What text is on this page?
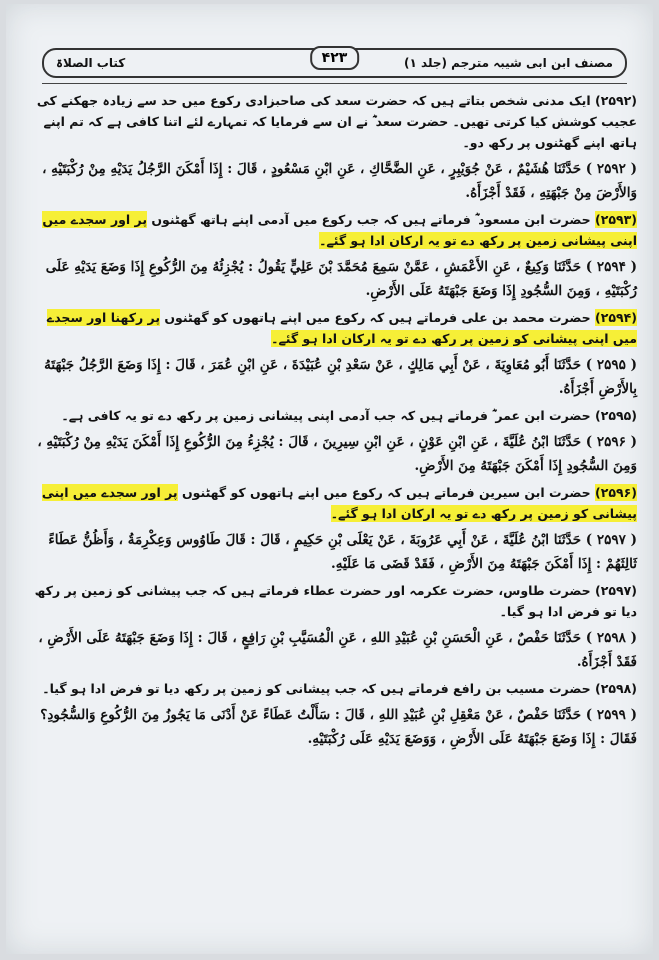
مصنف ابن ابی شیبہ مترجم (جلد ۱)
۴۲۳
کتاب الصلاۃ
(۲۵۹۲) ایک مدنی شخص بتاتے ہیں کہ حضرت سعد کی صاحبزادی رکوع میں حد سے زیادہ جھکنے کی عجیب کوشش کیا کرتی تھیں۔ حضرت سعد ؓ نے ان سے فرمایا کہ تمہارے لئے اتنا کافی ہے کہ تم اپنے ہاتھ اپنے گھٹنوں پر رکھ دو۔
( ۲۵۹۲ ) حَدَّثَنَا هُشَيْمٌ ، عَنْ جُوَيْبِرٍ ، عَنِ الضَّحَّاكِ ، عَنِ ابْنِ مَسْعُودٍ ، قَالَ : إِذَا أَمْكَنَ الرَّجُلُ يَدَيْهِ مِنْ رُكْبَتَيْهِ ، وَالأَرْضَ مِنْ جَبْهَتِهِ ، فَقَدْ أَجْزَأَهُ.
(۲۵۹۳) حضرت ابن مسعود ؓ فرماتے ہیں کہ جب رکوع میں آدمی اپنے ہاتھ گھٹنوں پر اور سجدے میں اپنی پیشانی زمین پر رکھ دے تو یہ ارکان ادا ہو گئے۔
( ۲۵۹۴ ) حَدَّثَنَا وَكِيعٌ ، عَنِ الأَعْمَشِ ، عَمَّنْ سَمِعَ مُحَمَّدَ بْنَ عَلِيٍّ يَقُولُ : يُجْزِئُهُ مِنَ الرُّكُوعِ إِذَا وَضَعَ يَدَيْهِ عَلَى رُكْبَتَيْهِ ، وَمِنَ السُّجُودِ إِذَا وَضَعَ جَبْهَتَهُ عَلَى الأَرْضِ.
(۲۵۹۴) حضرت محمد بن علی فرماتے ہیں کہ رکوع میں اپنے ہاتھوں کو گھٹنوں پر رکھنا اور سجدے میں اپنی پیشانی کو زمین پر رکھ دے تو یہ ارکان ادا ہو گئے۔
( ۲۵۹۵ ) حَدَّثَنَا أَبُو مُعَاوِيَةَ ، عَنْ أَبِي مَالِكٍ ، عَنْ سَعْدِ بْنِ عُبَيْدَةَ ، عَنِ ابْنِ عُمَرَ ، قَالَ : إِذَا وَضَعَ الرَّجُلُ جَبْهَتَهُ بِالأَرْضِ أَجْزَأَهُ.
(۲۵۹۵) حضرت ابن عمر ؓ فرماتے ہیں کہ جب آدمی اپنی پیشانی زمین پر رکھ دے تو یہ کافی ہے۔
( ۲۵۹۶ ) حَدَّثَنَا ابْنُ عُلَيَّةَ ، عَنِ ابْنِ عَوْنٍ ، عَنِ ابْنِ سِيرِينَ ، قَالَ : يُجْزِءُ مِنَ الرُّكُوعِ إِذَا أَمْكَنَ يَدَيْهِ مِنْ رُكْبَتَيْهِ ، وَمِنَ السُّجُودِ إِذَا أَمْكَنَ جَبْهَتَهُ مِنَ الأَرْضِ.
(۲۵۹۶) حضرت ابن سیرین فرماتے ہیں کہ رکوع میں اپنے ہاتھوں کو گھٹنوں پر اور سجدے میں اپنی پیشانی کو زمین پر رکھ دے تو یہ ارکان ادا ہو گئے۔
( ۲۵۹۷ ) حَدَّثَنَا ابْنُ عُلَيَّةَ ، عَنْ أَبِي عَرُوبَةَ ، عَنْ يَعْلَى بْنِ حَكِيمٍ ، قَالَ : قَالَ طَاوُوس وَعِكْرِمَةُ ، وَأَظُنُّ عَطَاءً ثَالِثَهُمْ : إِذَا أَمْكَنَ جَبْهَتَهُ مِنَ الأَرْضِ ، فَقَدْ قَضَى مَا عَلَيْهِ.
(۲۵۹۷) حضرت طاوس، حضرت عکرمہ اور حضرت عطاء فرماتے ہیں کہ جب پیشانی کو زمین پر رکھ دیا تو فرض ادا ہو گیا۔
( ۲۵۹۸ ) حَدَّثَنَا حَفْصٌ ، عَنِ الْحَسَنِ بْنِ عُبَيْدِ اللهِ ، عَنِ الْمُسَيَّبِ بْنِ رَافِعٍ ، قَالَ : إِذَا وَضَعَ جَبْهَتَهُ عَلَى الأَرْضِ ، فَقَدْ أَجْزَأَهُ.
(۲۵۹۸) حضرت مسیب بن رافع فرماتے ہیں کہ جب پیشانی کو زمین پر رکھ دیا تو فرض ادا ہو گیا۔
( ۲۵۹۹ ) حَدَّثَنَا حَفْصٌ ، عَنْ مَعْقِلِ بْنِ عُبَيْدِ اللهِ ، قَالَ : سَأَلْتُ عَطَاءً عَنْ أَدْنَى مَا يَجُوزُ مِنَ الرُّكُوعِ وَالسُّجُودِ؟ فَقَالَ : إِذَا وَضَعَ جَبْهَتَهُ عَلَى الأَرْضِ ، وَوَضَعَ يَدَيْهِ عَلَى رُكْبَتَيْهِ.
